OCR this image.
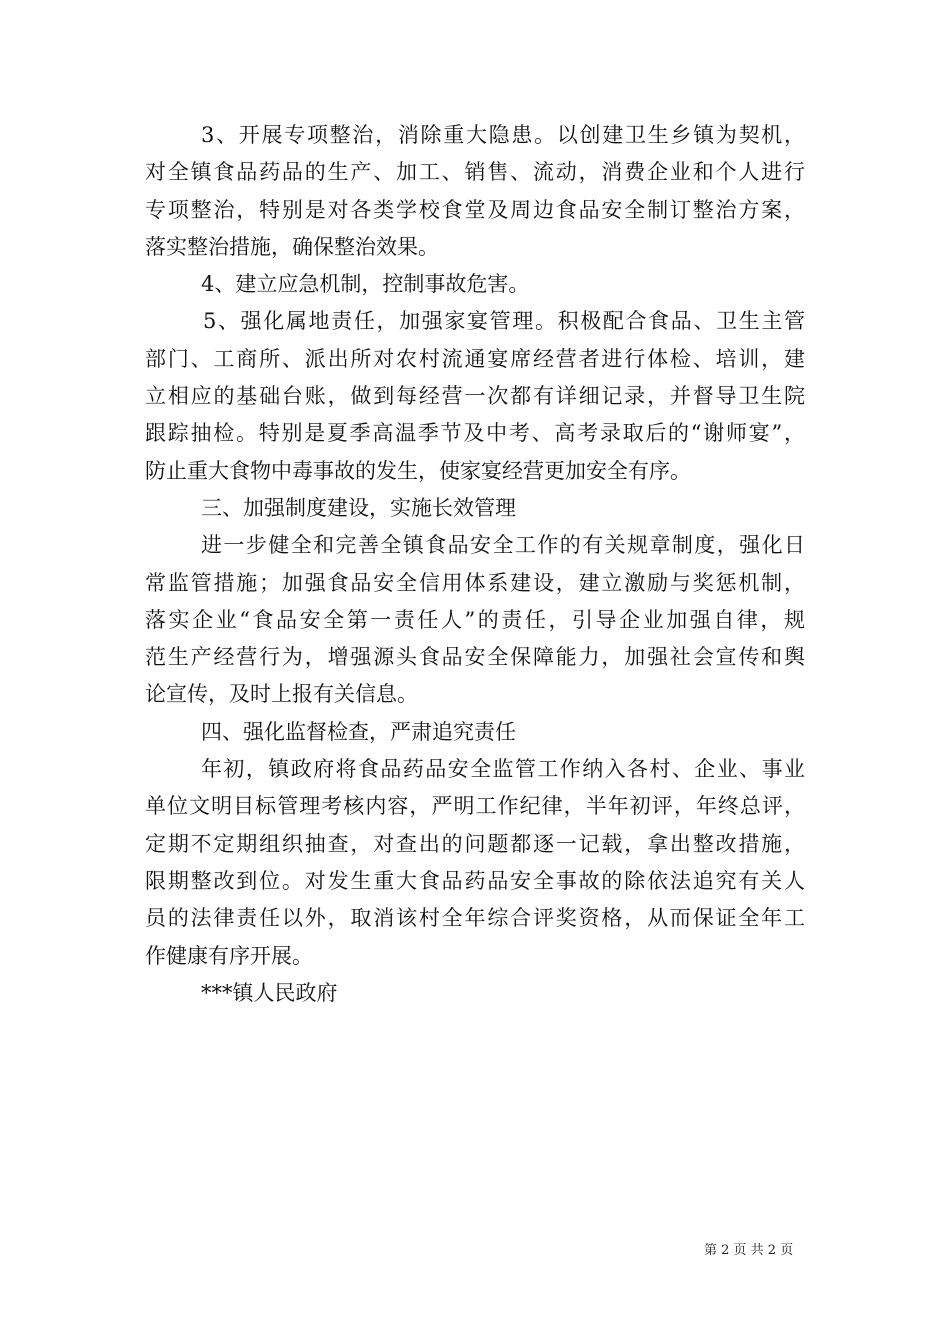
3、开展专项整治，消除重大隐患。以创建卫生乡镇为契机，
对全镇食品药品的生产、加工、销售、流动，消费企业和个人进行
专项整治，特别是对各类学校食堂及周边食品安全制订整治方案，
落实整治措施，确保整治效果。
4、建立应急机制，控制事故危害。
5、强化属地责任，加强家宴管理。积极配合食品、卫生主管
部门、工商所、派出所对农村流通宴席经营者进行体检、培训，建
立相应的基础台账，做到每经营一次都有详细记录，并督导卫生院
跟踪抽检。特别是夏季高温季节及中考、高考录取后的“谢师宴”，
防止重大食物中毒事故的发生，使家宴经营更加安全有序。
三、加强制度建设，实施长效管理
进一步健全和完善全镇食品安全工作的有关规章制度，强化日
常监管措施；加强食品安全信用体系建设，建立激励与奖惩机制，
落实企业“食品安全第一责任人”的责任，引导企业加强自律，规
范生产经营行为，增强源头食品安全保障能力，加强社会宣传和舆
论宣传，及时上报有关信息。
四、强化监督检查，严肃追究责任
年初，镇政府将食品药品安全监管工作纳入各村、企业、事业
单位文明目标管理考核内容，严明工作纪律，半年初评，年终总评，
定期不定期组织抽查，对查出的问题都逐一记载，拿出整改措施，
限期整改到位。对发生重大食品药品安全事故的除依法追究有关人
员的法律责任以外，取消该村全年综合评奖资格，从而保证全年工
作健康有序开展。
***镇人民政府
第 2 页 共 2 页
